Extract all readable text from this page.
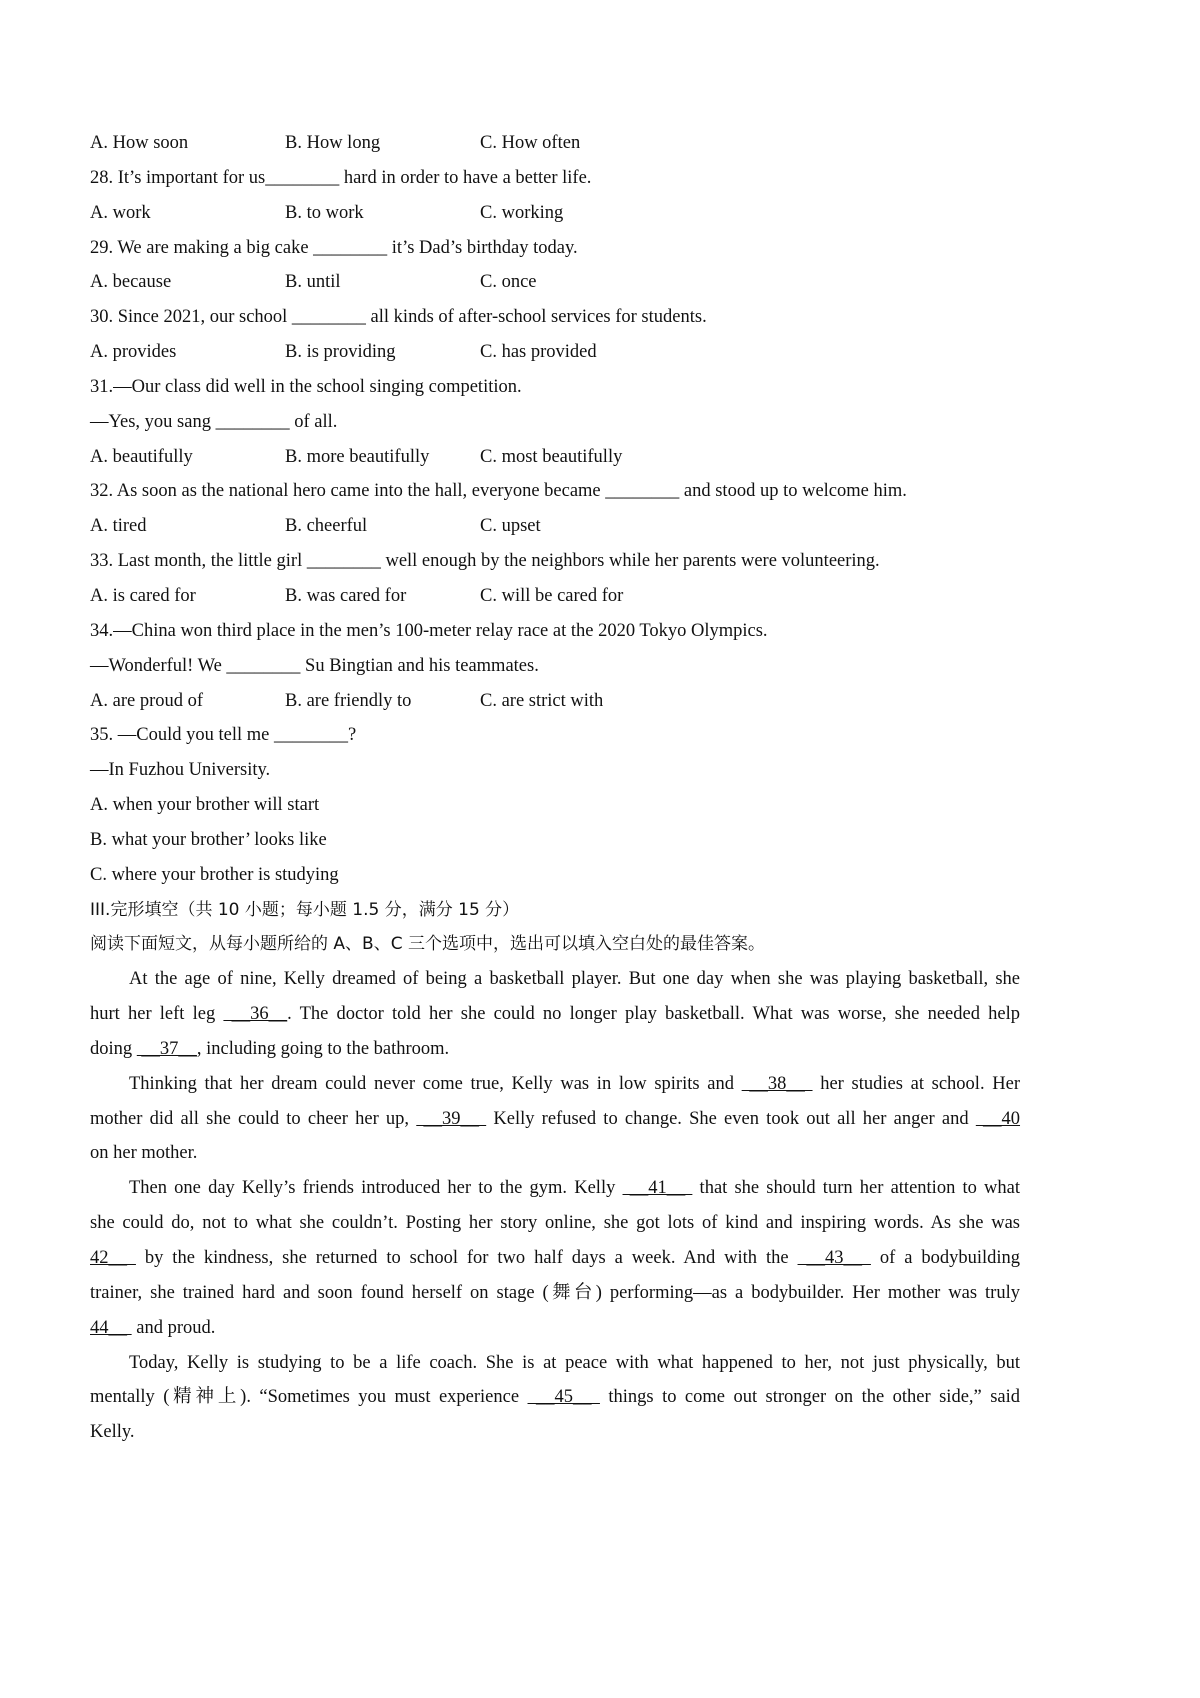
A. How soon	B. How long	C. How often
28. It’s important for us________ hard in order to have a better life.
A. work	B. to work	C. working
29. We are making a big cake ________ it’s Dad’s birthday today.
A. because	B. until	C. once
30. Since 2021, our school ________ all kinds of after-school services for students.
A. provides	B. is providing	C. has provided
31.—Our class did well in the school singing competition.
—Yes, you sang ________ of all.
A. beautifully	B. more beautifully	C. most beautifully
32. As soon as the national hero came into the hall, everyone became ________ and stood up to welcome him.
A. tired	B. cheerful	C. upset
33. Last month, the little girl ________ well enough by the neighbors while her parents were volunteering.
A. is cared for	B. was cared for	C. will be cared for
34.—China won third place in the men’s 100-meter relay race at the 2020 Tokyo Olympics.
—Wonderful! We ________ Su Bingtian and his teammates.
A. are proud of	B. are friendly to	C. are strict with
35. —Could you tell me ________?
—In Fuzhou University.
A. when your brother will start
B. what your brother’ looks like
C. where your brother is studying
III.完形填空（共 10 小题；每小题 1.5 分，满分 15 分）
阅读下面短文，从每小题所给的 A、B、C 三个选项中，选出可以填入空白处的最佳答案。
At the age of nine, Kelly dreamed of being a basketball player. But one day when she was playing basketball, she
hurt her left leg  __36__. The doctor told her she could no longer play basketball. What was worse, she needed help
doing  __37__, including going to the bathroom.
Thinking that her dream could never come true, Kelly was in low spirits and  __38__  her studies at school. Her
mother did all she could to cheer her up,  __39__  Kelly refused to change. She even took out all her anger and  __40
on her mother.
Then one day Kelly’s friends introduced her to the gym. Kelly  __41__  that she should turn her attention to what
she could do, not to what she couldn’t. Posting her story online, she got lots of kind and inspiring words. As she was
42__  by the kindness, she returned to school for two half days a week. And with the  __43__  of a bodybuilding
trainer, she trained hard and soon found herself on stage (舞台) performing—as a bodybuilder. Her mother was truly
44__  and proud.
Today, Kelly is studying to be a life coach. She is at peace with what happened to her, not just physically, but
mentally (精神上). “Sometimes you must experience  __45__  things to come out stronger on the other side,” said
Kelly.
